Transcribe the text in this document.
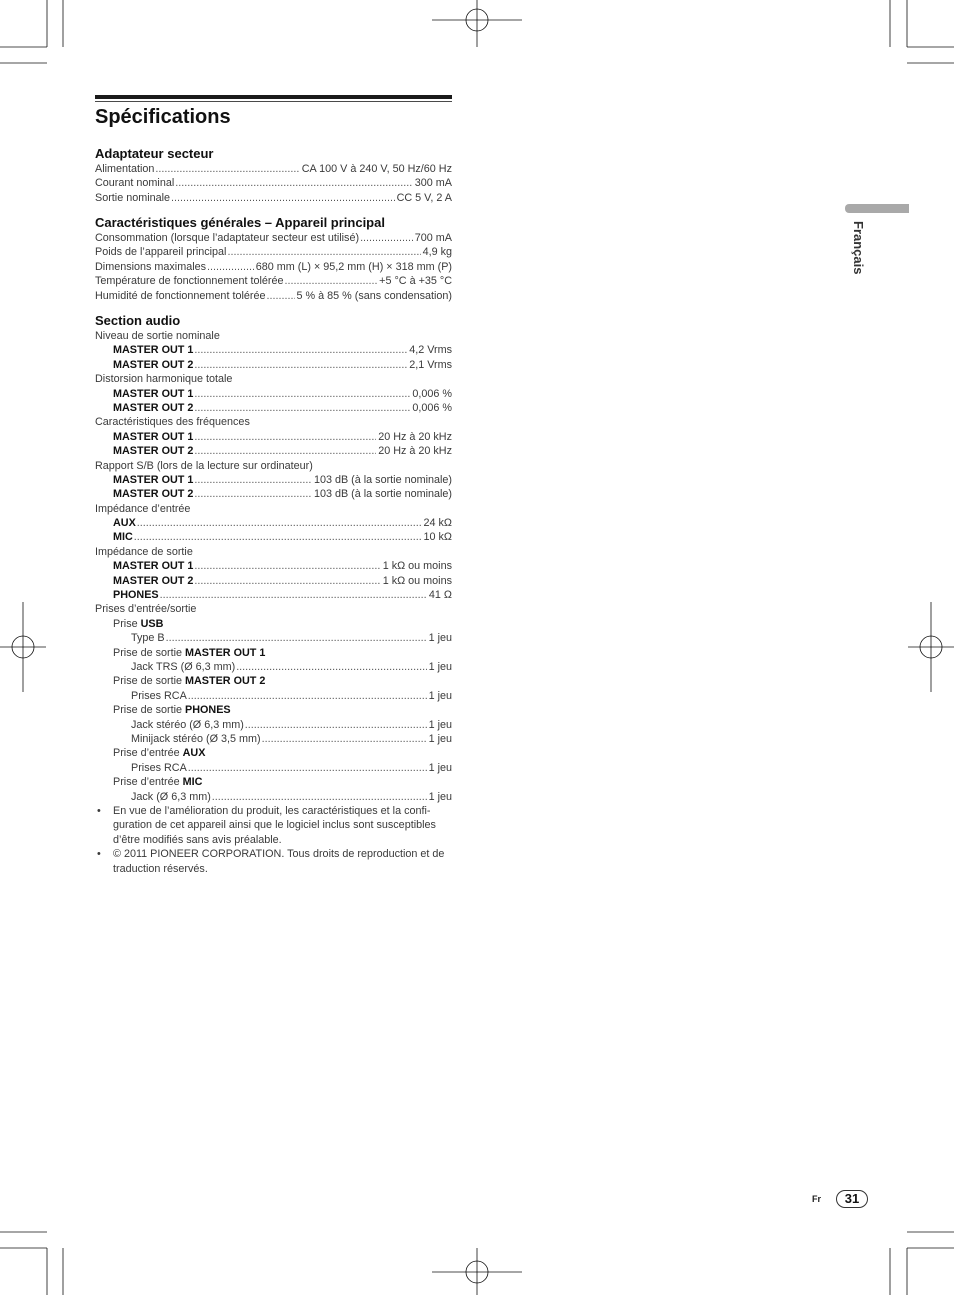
Spécifications
Adaptateur secteur
Alimentation .....	CA 100 V à 240 V, 50 Hz/60 Hz
Courant nominal .....	300 mA
Sortie nominale .....	CC 5 V, 2 A
Caractéristiques générales – Appareil principal
Consommation (lorsque l’adaptateur secteur est utilisé) .....	700 mA
Poids de l’appareil principal .....	4,9 kg
Dimensions maximales .....	680 mm (L) × 95,2 mm (H) × 318 mm (P)
Température de fonctionnement tolérée .....	+5 °C à +35 °C
Humidité de fonctionnement tolérée .....	5 % à 85 % (sans condensation)
Section audio
Niveau de sortie nominale
MASTER OUT 1 .....	4,2 Vrms
MASTER OUT 2 .....	2,1 Vrms
Distorsion harmonique totale
MASTER OUT 1 .....	0,006 %
MASTER OUT 2 .....	0,006 %
Caractéristiques des fréquences
MASTER OUT 1 .....	20 Hz à 20 kHz
MASTER OUT 2 .....	20 Hz à 20 kHz
Rapport S/B (lors de la lecture sur ordinateur)
MASTER OUT 1 .....	103 dB (à la sortie nominale)
MASTER OUT 2 .....	103 dB (à la sortie nominale)
Impédance d’entrée
AUX .....	24 kΩ
MIC .....	10 kΩ
Impédance de sortie
MASTER OUT 1 .....	1 kΩ ou moins
MASTER OUT 2 .....	1 kΩ ou moins
PHONES .....	41 Ω
Prises d’entrée/sortie
Prise USB
Type B .....	1 jeu
Prise de sortie MASTER OUT 1
Jack TRS (Ø 6,3 mm) .....	1 jeu
Prise de sortie MASTER OUT 2
Prises RCA .....	1 jeu
Prise de sortie PHONES
Jack stéréo (Ø 6,3 mm) .....	1 jeu
Minijack stéréo (Ø 3,5 mm) .....	1 jeu
Prise d’entrée AUX
Prises RCA .....	1 jeu
Prise d’entrée MIC
Jack (Ø 6,3 mm) .....	1 jeu
• En vue de l’amélioration du produit, les caractéristiques et la configuration de cet appareil ainsi que le logiciel inclus sont susceptibles d’être modifiés sans avis préalable.
• © 2011 PIONEER CORPORATION. Tous droits de reproduction et de traduction réservés.
Français
Fr	31
